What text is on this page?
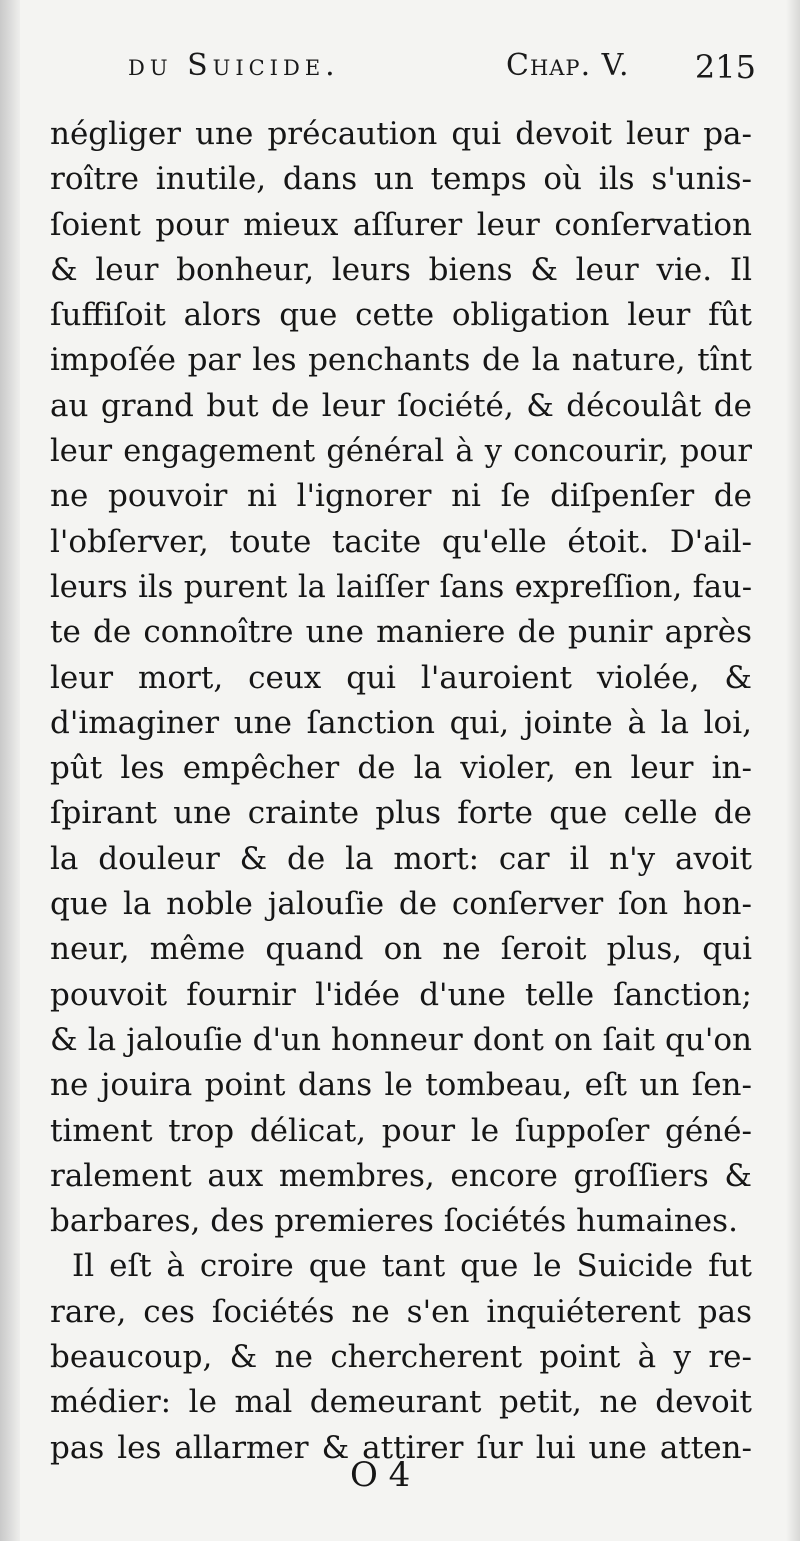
du Suicide.	Chap. V. 215
négliger une précaution qui devoit leur pa-
roître inutile, dans un temps où ils s'unis-
ſoient pour mieux aſſurer leur conſervation
& leur bonheur, leurs biens & leur vie. Il
ſuffiſoit alors que cette obligation leur fût
impoſée par les penchants de la nature, tînt
au grand but de leur ſociété, & découlât de
leur engagement général à y concourir, pour
ne pouvoir ni l'ignorer ni ſe diſpenſer de
l'obſerver, toute tacite qu'elle étoit. D'ail-
leurs ils purent la laiſſer ſans expreſſion, fau-
te de connoître une maniere de punir après
leur mort, ceux qui l'auroient violée, &
d'imaginer une ſanction qui, jointe à la loi,
pût les empêcher de la violer, en leur in-
ſpirant une crainte plus forte que celle de
la douleur & de la mort: car il n'y avoit
que la noble jalouſie de conſerver ſon hon-
neur, même quand on ne ſeroit plus, qui
pouvoit fournir l'idée d'une telle ſanction;
& la jalouſie d'un honneur dont on ſait qu'on
ne jouira point dans le tombeau, eſt un ſen-
timent trop délicat, pour le ſuppoſer géné-
ralement aux membres, encore groſſiers &
barbares, des premieres ſociétés humaines.
Il eſt à croire que tant que le Suicide fut
rare, ces ſociétés ne s'en inquiéterent pas
beaucoup, & ne chercherent point à y re-
médier: le mal demeurant petit, ne devoit
pas les allarmer & attirer ſur lui une atten-
O 4
